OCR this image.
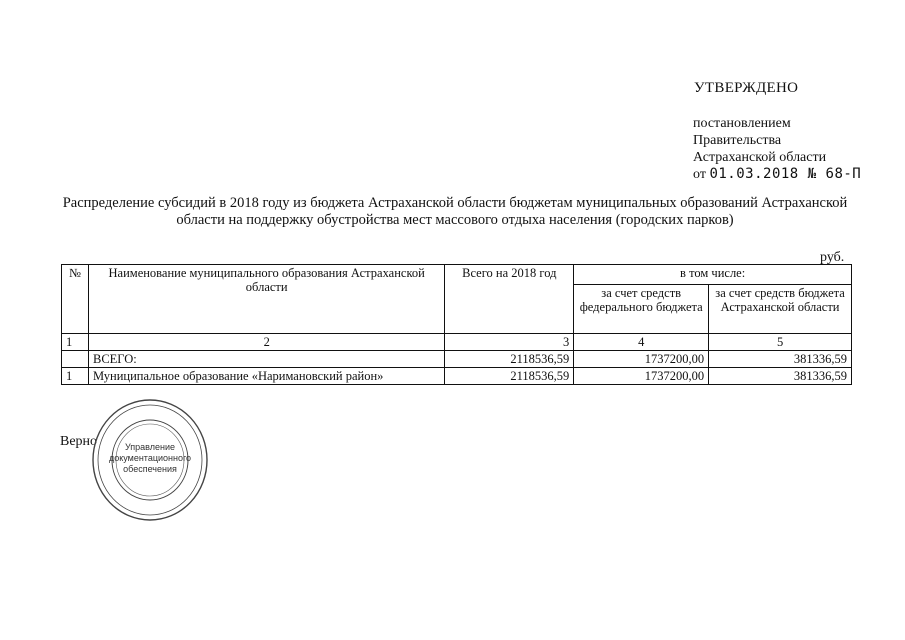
УТВЕРЖДЕНО
постановлением
Правительства
Астраханской области
от 01.03.2018 № 68-П
Распределение субсидий в 2018 году из бюджета Астраханской области бюджетам муниципальных образований Астраханской области на поддержку обустройства мест массового отдыха населения (городских парков)
руб.
№	Наименование муниципального образования Астраханской области	Всего на 2018 год	в том числе:	
			за счет средств федерального бюджета	за счет средств бюджета Астраханской области
1	2	3	4	5
	ВСЕГО:	2118536,59	1737200,00	381336,59
1	Муниципальное образование «Наримановский район»	2118536,59	1737200,00	381336,59
Верно	Управление документационного обеспечения
